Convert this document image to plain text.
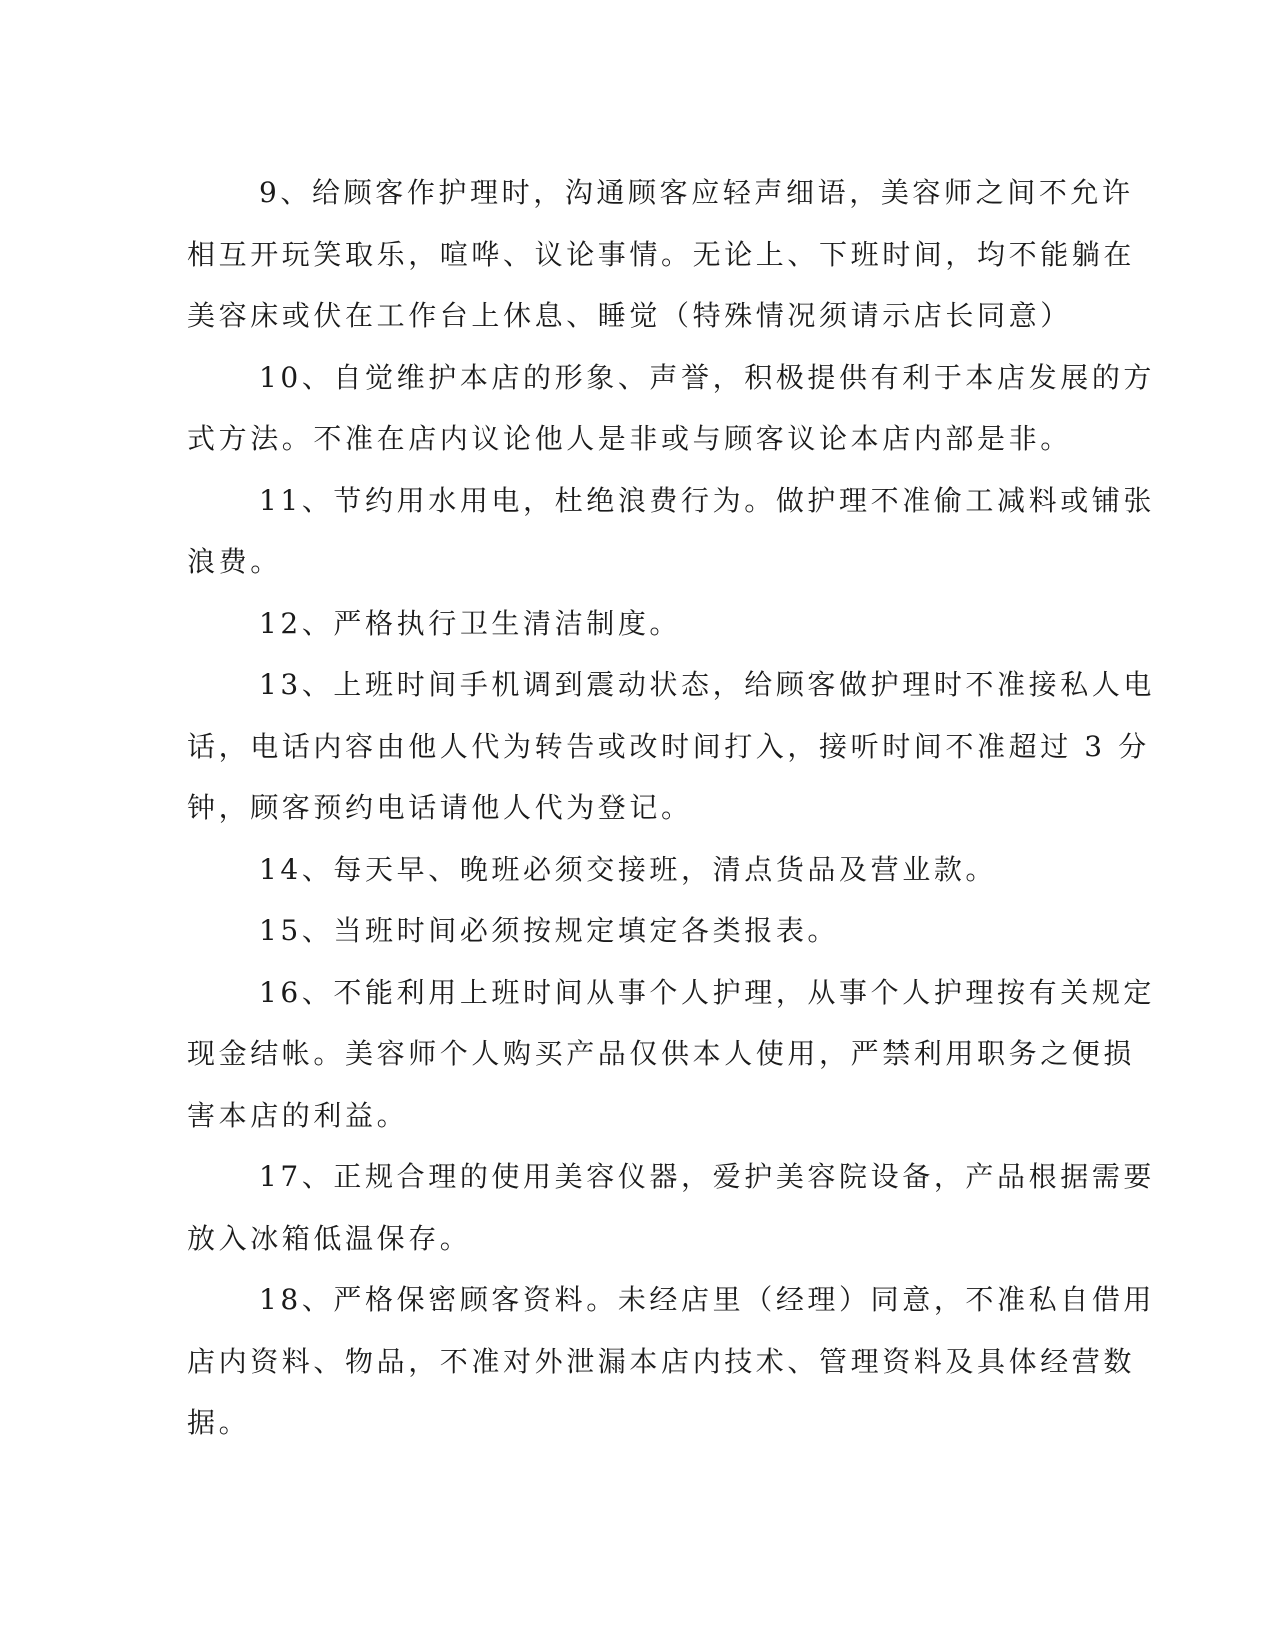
9、给顾客作护理时，沟通顾客应轻声细语，美容师之间不允许
相互开玩笑取乐，喧哗、议论事情。无论上、下班时间，均不能躺在
美容床或伏在工作台上休息、睡觉（特殊情况须请示店长同意）

10、自觉维护本店的形象、声誉，积极提供有利于本店发展的方
式方法。不准在店内议论他人是非或与顾客议论本店内部是非。

11、节约用水用电，杜绝浪费行为。做护理不准偷工减料或铺张
浪费。

12、严格执行卫生清洁制度。

13、上班时间手机调到震动状态，给顾客做护理时不准接私人电
话，电话内容由他人代为转告或改时间打入，接听时间不准超过 3 分
钟，顾客预约电话请他人代为登记。

14、每天早、晚班必须交接班，清点货品及营业款。

15、当班时间必须按规定填定各类报表。

16、不能利用上班时间从事个人护理，从事个人护理按有关规定
现金结帐。美容师个人购买产品仅供本人使用，严禁利用职务之便损
害本店的利益。

17、正规合理的使用美容仪器，爱护美容院设备，产品根据需要
放入冰箱低温保存。

18、严格保密顾客资料。未经店里（经理）同意，不准私自借用
店内资料、物品，不准对外泄漏本店内技术、管理资料及具体经营数
据。
